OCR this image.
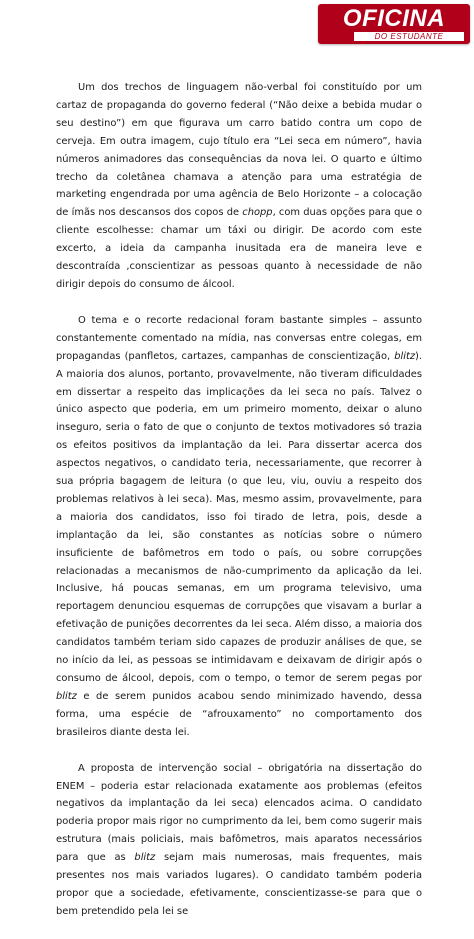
OFICINA
DO ESTUDANTE

Um dos trechos de linguagem não-verbal foi constituído por um cartaz de propaganda do governo federal (“Não deixe a bebida mudar o seu destino”) em que figurava um carro batido contra um copo de cerveja. Em outra imagem, cujo título era “Lei seca em número”, havia números animadores das consequências da nova lei. O quarto e último trecho da coletânea chamava a atenção para uma estratégia de marketing engendrada por uma agência de Belo Horizonte – a colocação de ímãs nos descansos dos copos de chopp, com duas opções para que o cliente escolhesse: chamar um táxi ou dirigir. De acordo com este excerto, a ideia da campanha inusitada era de maneira leve e descontraída ,conscientizar as pessoas quanto à necessidade de não dirigir depois do consumo de álcool.

O tema e o recorte redacional foram bastante simples – assunto constantemente comentado na mídia, nas conversas entre colegas, em propagandas (panfletos, cartazes, campanhas de conscientização, blitz). A maioria dos alunos, portanto, provavelmente, não tiveram dificuldades em dissertar a respeito das implicações da lei seca no país. Talvez o único aspecto que poderia, em um primeiro momento, deixar o aluno inseguro, seria o fato de que o conjunto de textos motivadores só trazia os efeitos positivos da implantação da lei. Para dissertar acerca dos aspectos negativos, o candidato teria, necessariamente, que recorrer à sua própria bagagem de leitura (o que leu, viu, ouviu a respeito dos problemas relativos à lei seca). Mas, mesmo assim, provavelmente, para a maioria dos candidatos, isso foi tirado de letra, pois, desde a implantação da lei, são constantes as notícias sobre o número insuficiente de bafômetros em todo o país, ou sobre corrupções relacionadas a mecanismos de não-cumprimento da aplicação da lei. Inclusive, há poucas semanas, em um programa televisivo, uma reportagem denunciou esquemas de corrupções que visavam a burlar a efetivação de punições decorrentes da lei seca. Além disso, a maioria dos candidatos também teriam sido capazes de produzir análises de que, se no início da lei, as pessoas se intimidavam e deixavam de dirigir após o consumo de álcool, depois, com o tempo, o temor de serem pegas por blitz e de serem punidos acabou sendo minimizado havendo, dessa forma, uma espécie de “afrouxamento” no comportamento dos brasileiros diante desta lei.

A proposta de intervenção social – obrigatória na dissertação do ENEM – poderia estar relacionada exatamente aos problemas (efeitos negativos da implantação da lei seca) elencados acima. O candidato poderia propor mais rigor no cumprimento da lei, bem como sugerir mais estrutura (mais policiais, mais bafômetros, mais aparatos necessários para que as blitz sejam mais numerosas, mais frequentes, mais presentes nos mais variados lugares). O candidato também poderia propor que a sociedade, efetivamente, conscientizasse-se para que o bem pretendido pela lei se
